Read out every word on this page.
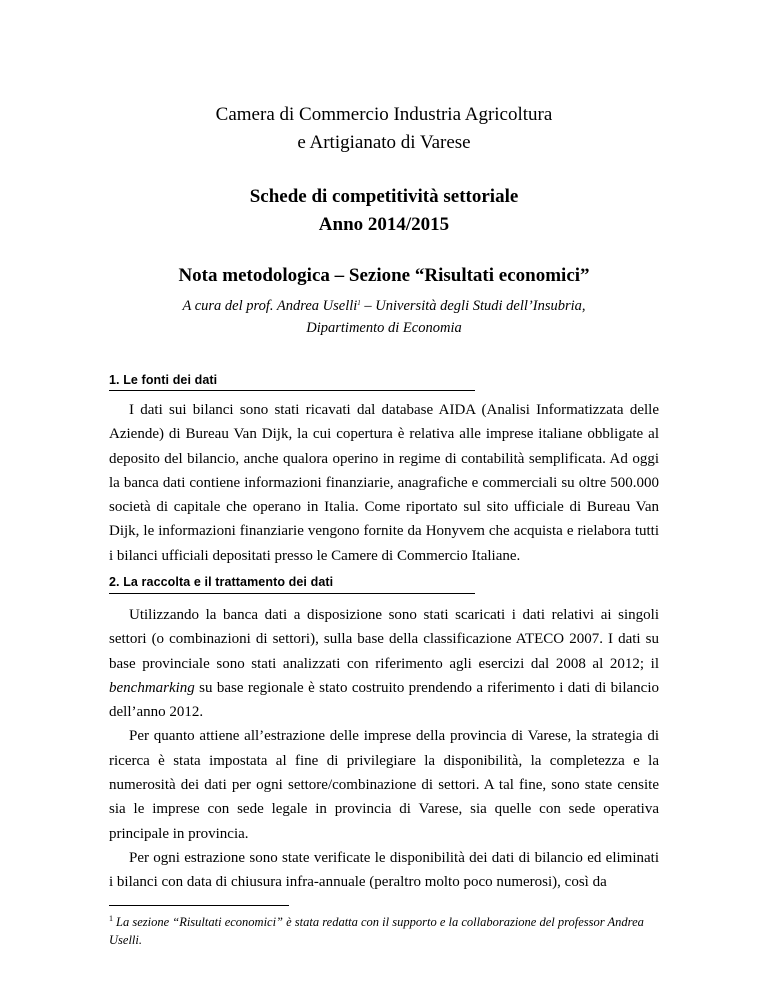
Camera di Commercio Industria Agricoltura
e Artigianato di Varese
Schede di competitività settoriale
Anno 2014/2015
Nota metodologica – Sezione “Risultati economici”
A cura del prof. Andrea Uselli$^1$ – Università degli Studi dell’Insubria,
Dipartimento di Economia
1. Le fonti dei dati

I dati sui bilanci sono stati ricavati dal database AIDA (Analisi Informatizzata delle Aziende) di Bureau Van Dijk, la cui copertura è relativa alle imprese italiane obbligate al deposito del bilancio, anche qualora operino in regime di contabilità semplificata. Ad oggi la banca dati contiene informazioni finanziarie, anagrafiche e commerciali su oltre 500.000 società di capitale che operano in Italia. Come riportato sul sito ufficiale di Bureau Van Dijk, le informazioni finanziarie vengono fornite da Honyvem che acquista e rielabora tutti i bilanci ufficiali depositati presso le Camere di Commercio Italiane.

2. La raccolta e il trattamento dei dati

Utilizzando la banca dati a disposizione sono stati scaricati i dati relativi ai singoli settori (o combinazioni di settori), sulla base della classificazione ATECO 2007. I dati su base provinciale sono stati analizzati con riferimento agli esercizi dal 2008 al 2012; il benchmarking su base regionale è stato costruito prendendo a riferimento i dati di bilancio dell’anno 2012.

Per quanto attiene all’estrazione delle imprese della provincia di Varese, la strategia di ricerca è stata impostata al fine di privilegiare la disponibilità, la completezza e la numerosità dei dati per ogni settore/combinazione di settori. A tal fine, sono state censite sia le imprese con sede legale in provincia di Varese, sia quelle con sede operativa principale in provincia.

Per ogni estrazione sono state verificate le disponibilità dei dati di bilancio ed eliminati i bilanci con data di chiusura infra-annuale (peraltro molto poco numerosi), così da

$^1$ La sezione “Risultati economici” è stata redatta con il supporto e la collaborazione del professor Andrea Uselli.
